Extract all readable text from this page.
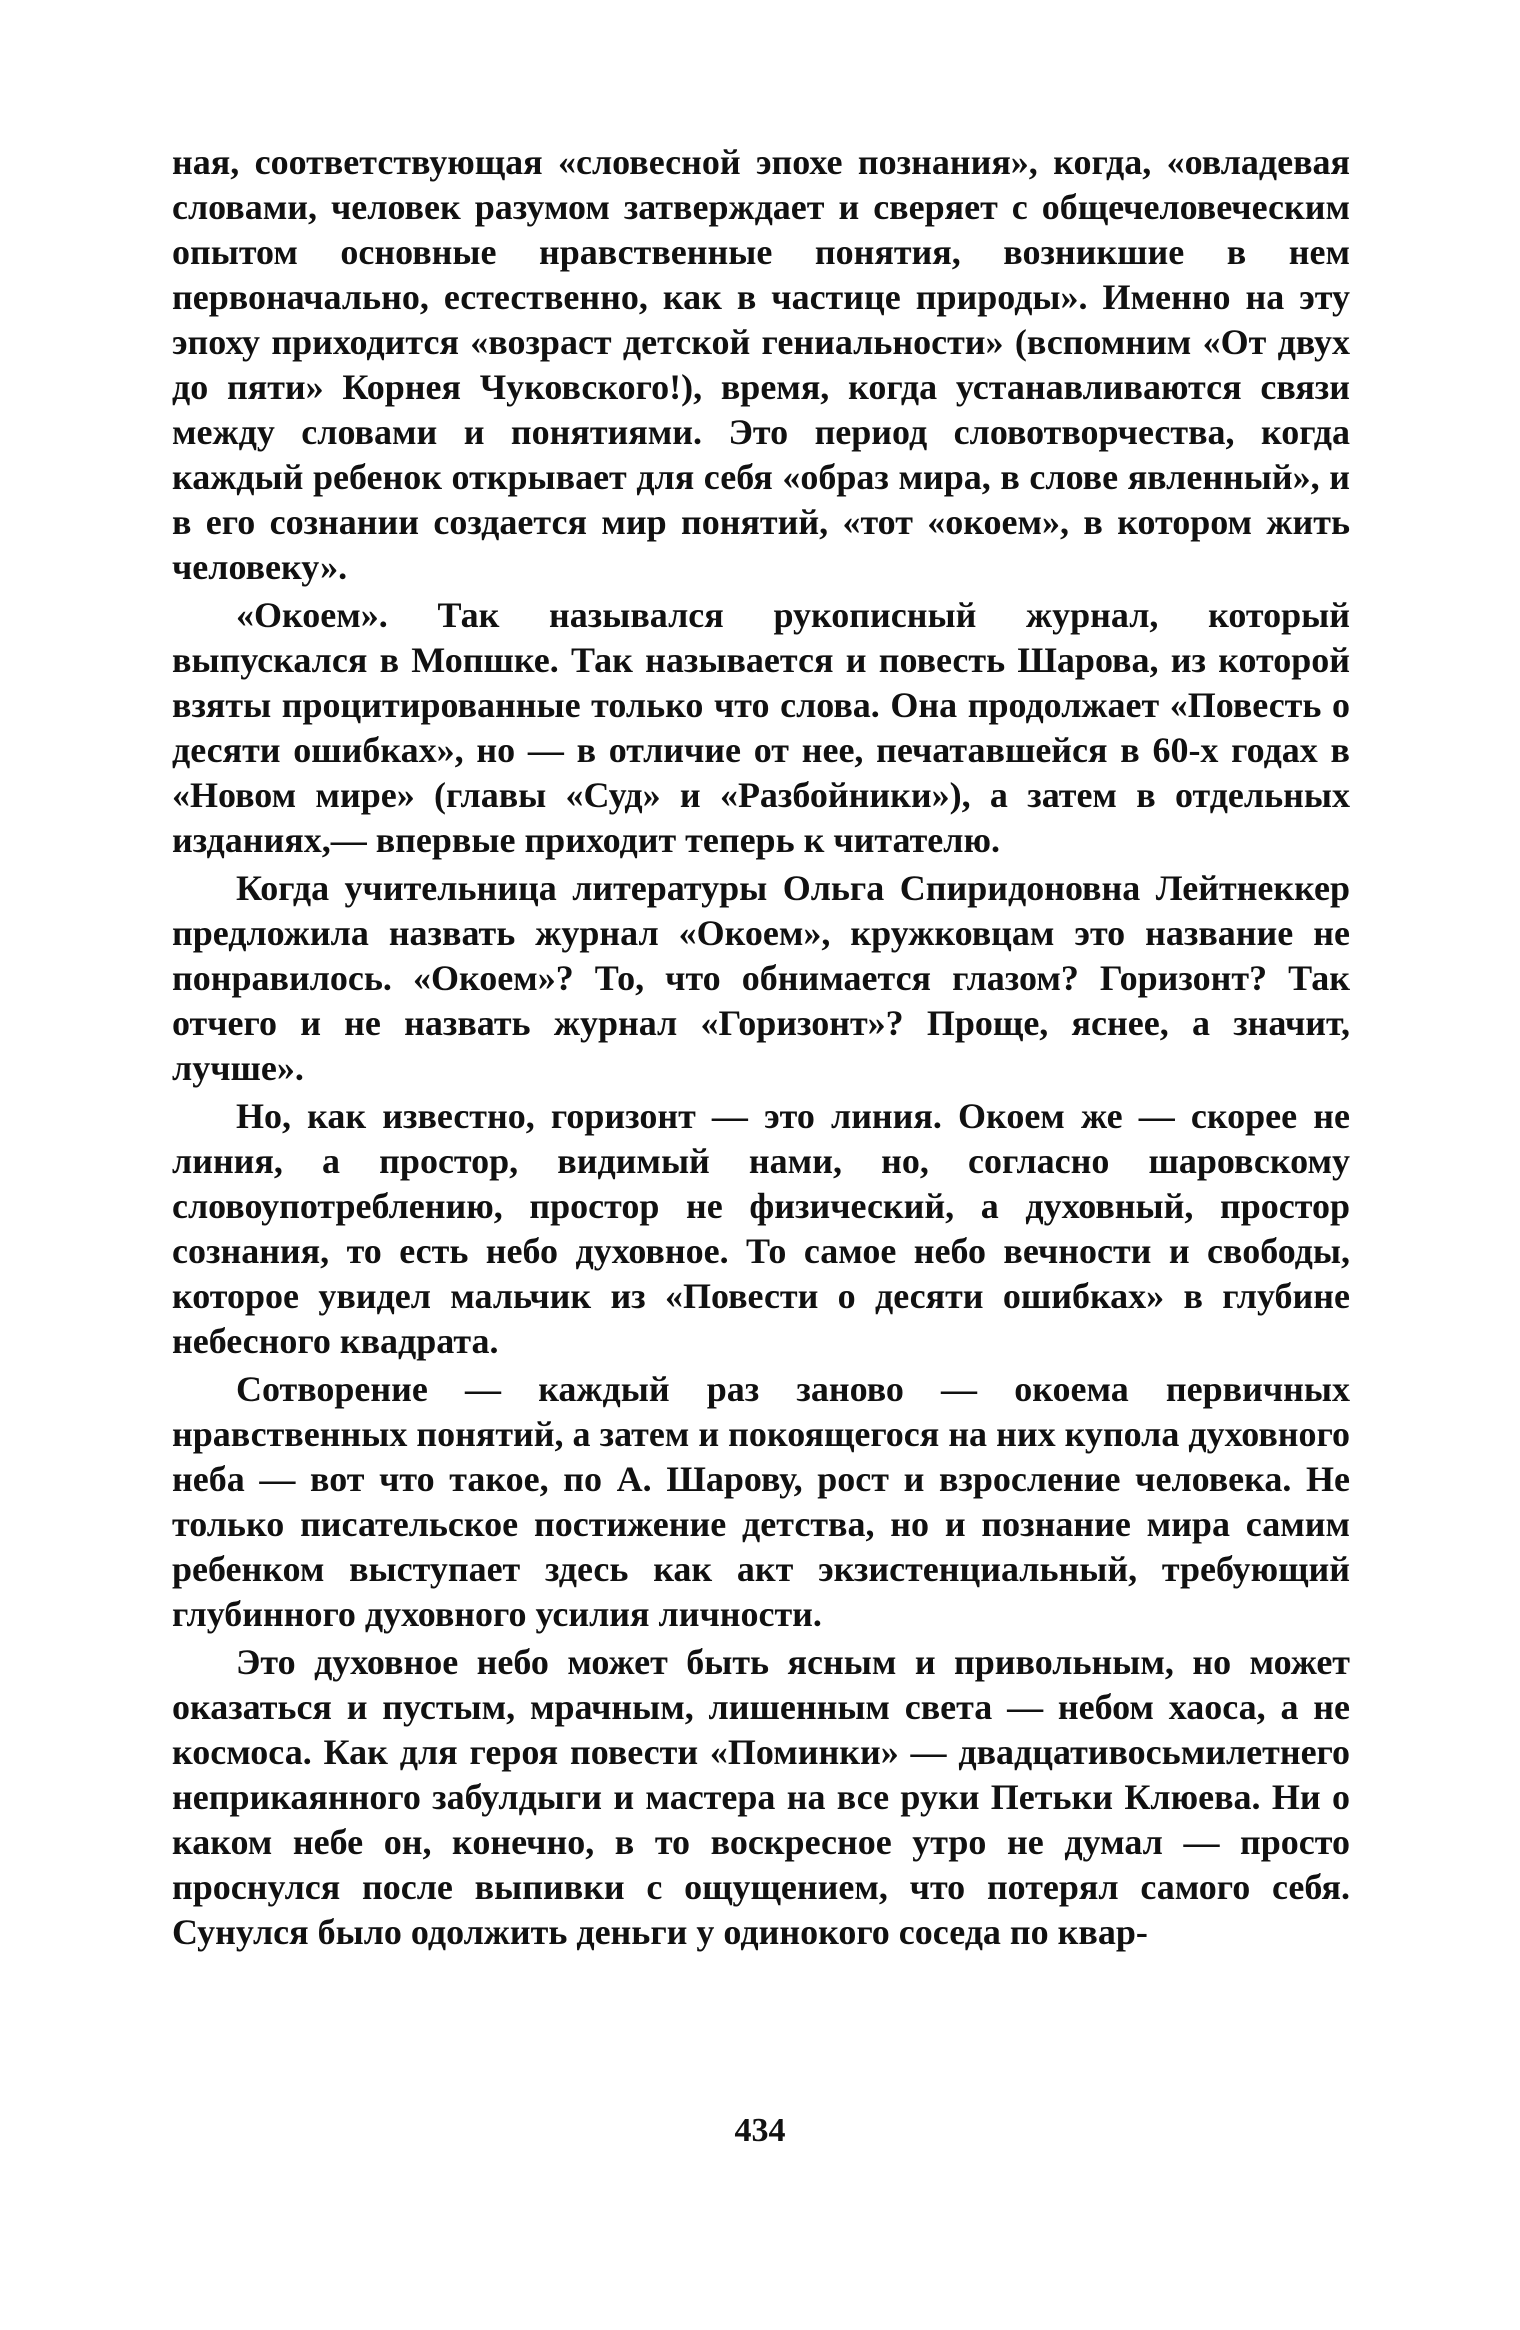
ная, соответствующая «словесной эпохе познания», когда, «овладевая словами, человек разумом затверждает и сверяет с общечеловеческим опытом основные нравственные понятия, возникшие в нем первоначально, естественно, как в частице природы». Именно на эту эпоху приходится «возраст детской гениальности» (вспомним «От двух до пяти» Корнея Чуковского!), время, когда устанавливаются связи между словами и понятиями. Это период словотворчества, когда каждый ребенок открывает для себя «образ мира, в слове явленный», и в его сознании создается мир понятий, «тот «окоем», в котором жить человеку».

«Окоем». Так назывался рукописный журнал, который выпускался в Мопшке. Так называется и повесть Шарова, из которой взяты процитированные только что слова. Она продолжает «Повесть о десяти ошибках», но — в отличие от нее, печатавшейся в 60-х годах в «Новом мире» (главы «Суд» и «Разбойники»), а затем в отдельных изданиях,— впервые приходит теперь к читателю.

Когда учительница литературы Ольга Спиридоновна Лейтнеккер предложила назвать журнал «Окоем», кружковцам это название не понравилось. «Окоем»? То, что обнимается глазом? Горизонт? Так отчего и не назвать журнал «Горизонт»? Проще, яснее, а значит, лучше».

Но, как известно, горизонт — это линия. Окоем же — скорее не линия, а простор, видимый нами, но, согласно шаровскому словоупотреблению, простор не физический, а духовный, простор сознания, то есть небо духовное. То самое небо вечности и свободы, которое увидел мальчик из «Повести о десяти ошибках» в глубине небесного квадрата.

Сотворение — каждый раз заново — окоема первичных нравственных понятий, а затем и покоящегося на них купола духовного неба — вот что такое, по А. Шарову, рост и взросление человека. Не только писательское постижение детства, но и познание мира самим ребенком выступает здесь как акт экзистенциальный, требующий глубинного духовного усилия личности.

Это духовное небо может быть ясным и привольным, но может оказаться и пустым, мрачным, лишенным света — небом хаоса, а не космоса. Как для героя повести «Поминки» — двадцативосьмилетнего неприкаянного забулдыги и мастера на все руки Петьки Клюева. Ни о каком небе он, конечно, в то воскресное утро не думал — просто проснулся после выпивки с ощущением, что потерял самого себя. Сунулся было одолжить деньги у одинокого соседа по квар-

434
